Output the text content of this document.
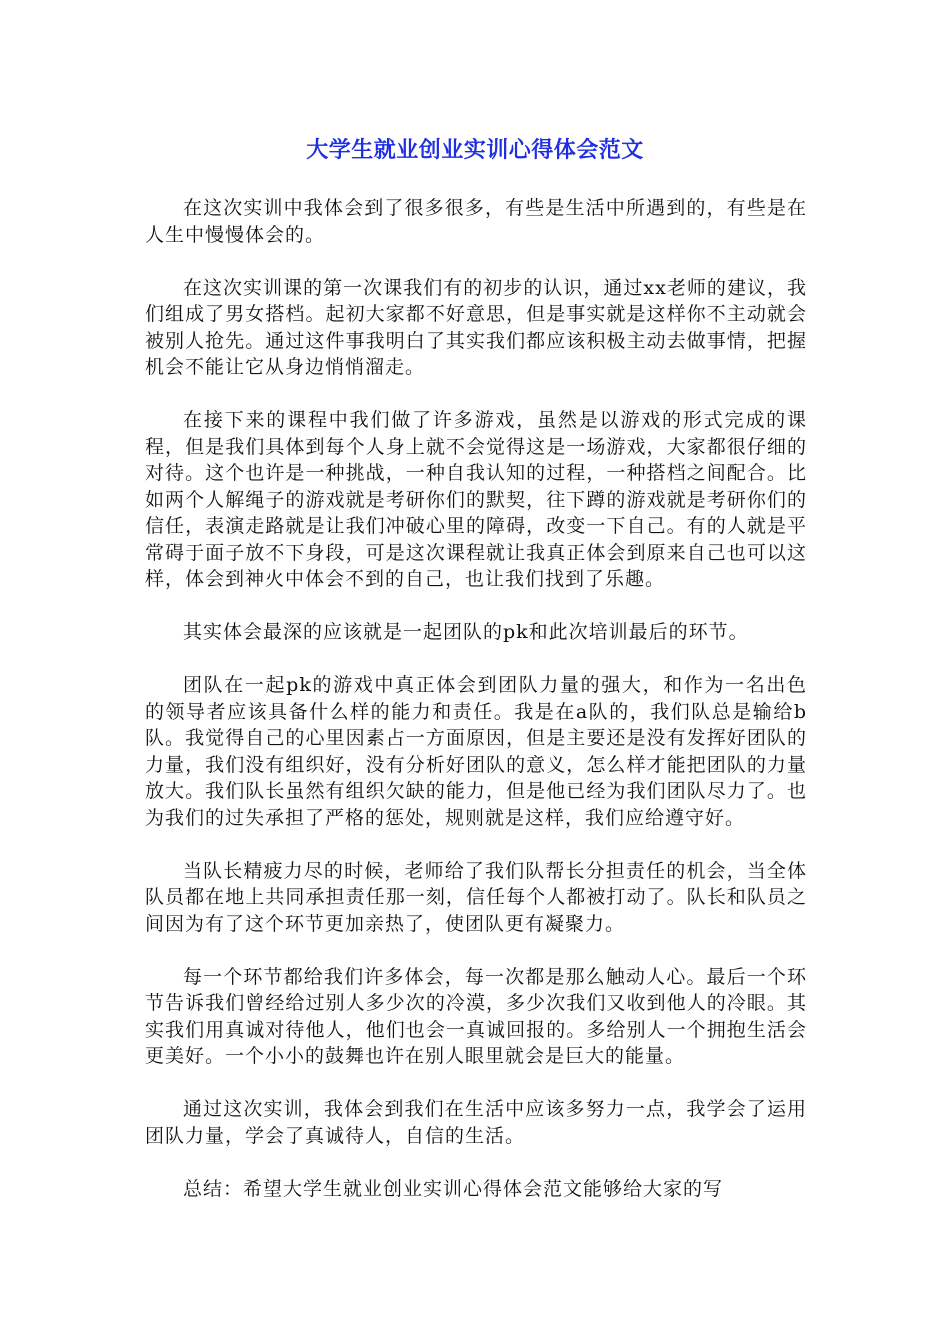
大学生就业创业实训心得体会范文

在这次实训中我体会到了很多很多，有些是生活中所遇到的，有些是在人生中慢慢体会的。

在这次实训课的第一次课我们有的初步的认识，通过xx老师的建议，我们组成了男女搭档。起初大家都不好意思，但是事实就是这样你不主动就会被别人抢先。通过这件事我明白了其实我们都应该积极主动去做事情，把握机会不能让它从身边悄悄溜走。

在接下来的课程中我们做了许多游戏，虽然是以游戏的形式完成的课程，但是我们具体到每个人身上就不会觉得这是一场游戏，大家都很仔细的对待。这个也许是一种挑战，一种自我认知的过程，一种搭档之间配合。比如两个人解绳子的游戏就是考研你们的默契，往下蹲的游戏就是考研你们的信任，表演走路就是让我们冲破心里的障碍，改变一下自己。有的人就是平常碍于面子放不下身段，可是这次课程就让我真正体会到原来自己也可以这样，体会到神火中体会不到的自己，也让我们找到了乐趣。

其实体会最深的应该就是一起团队的pk和此次培训最后的环节。

团队在一起pk的游戏中真正体会到团队力量的强大，和作为一名出色的领导者应该具备什么样的能力和责任。我是在a队的，我们队总是输给b队。我觉得自己的心里因素占一方面原因，但是主要还是没有发挥好团队的力量，我们没有组织好，没有分析好团队的意义，怎么样才能把团队的力量放大。我们队长虽然有组织欠缺的能力，但是他已经为我们团队尽力了。也为我们的过失承担了严格的惩处，规则就是这样，我们应给遵守好。

当队长精疲力尽的时候，老师给了我们队帮长分担责任的机会，当全体队员都在地上共同承担责任那一刻，信任每个人都被打动了。队长和队员之间因为有了这个环节更加亲热了，使团队更有凝聚力。

每一个环节都给我们许多体会，每一次都是那么触动人心。最后一个环节告诉我们曾经给过别人多少次的冷漠，多少次我们又收到他人的冷眼。其实我们用真诚对待他人，他们也会一真诚回报的。多给别人一个拥抱生活会更美好。一个小小的鼓舞也许在别人眼里就会是巨大的能量。

通过这次实训，我体会到我们在生活中应该多努力一点，我学会了运用团队力量，学会了真诚待人，自信的生活。

总结：希望大学生就业创业实训心得体会范文能够给大家的写
